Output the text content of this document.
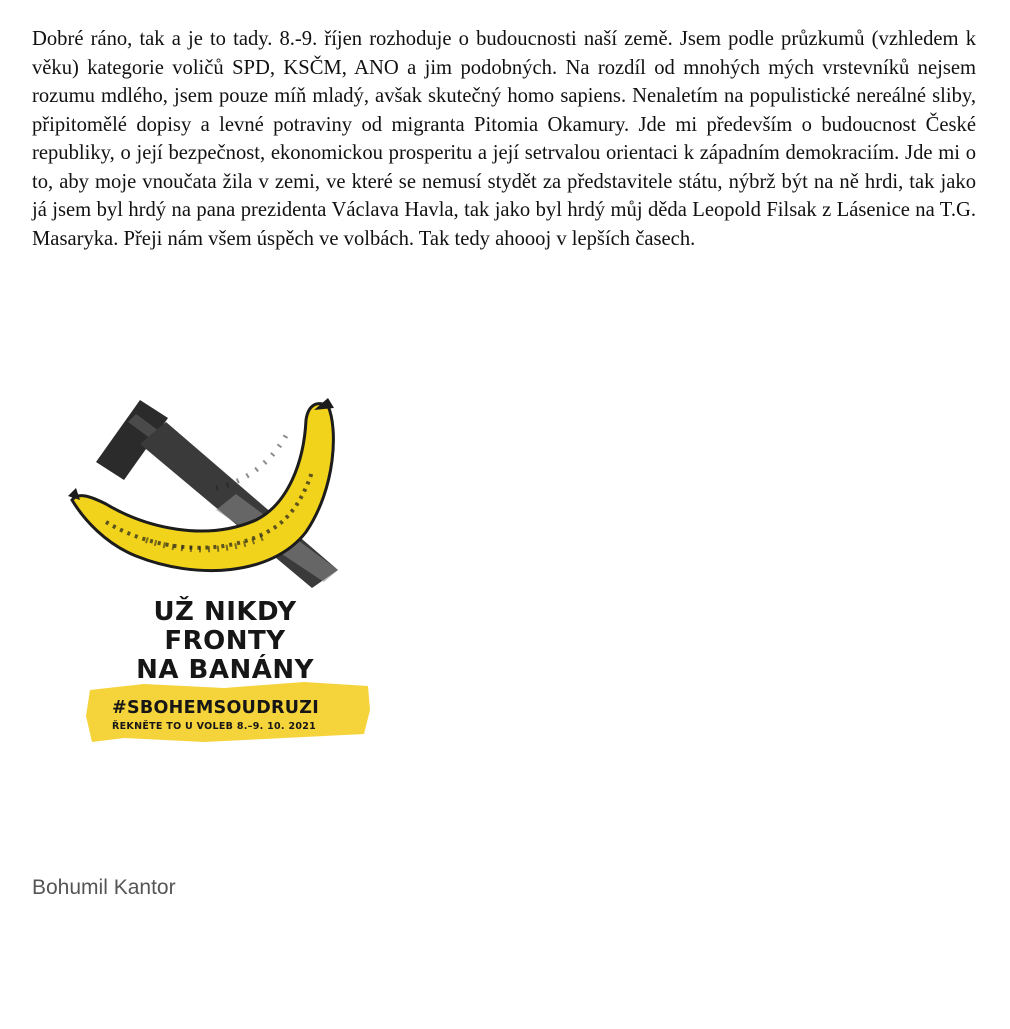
Dobré ráno, tak a je to tady. 8.-9. říjen rozhoduje o budoucnosti naší země. Jsem podle průzkumů (vzhledem k věku) kategorie voličů SPD, KSČM, ANO a jim podobných. Na rozdíl od mnohých mých vrstevníků nejsem rozumu mdlého, jsem pouze míň mladý, avšak skutečný homo sapiens. Nenaletím na populistické nereálné sliby, připitomělé dopisy a levné potraviny od migranta Pitomia Okamury. Jde mi především o budoucnost České republiky, o její bezpečnost, ekonomickou prosperitu a její setrvalou orientaci k západním demokraciím. Jde mi o to, aby moje vnoučata žila v zemi, ve které se nemusí stydět za představitele státu, nýbrž být na ně hrdi, tak jako já jsem byl hrdý na pana prezidenta Václava Havla, tak jako byl hrdý můj děda Leopold Filsak z Lásenice na T.G. Masaryka. Přeji nám všem úspěch ve volbách. Tak tedy ahoooj v lepších časech.

UŽ NIKDY
FRONTY
NA BANÁNY
#SBOHEMSOUDRUZI
ŘEKNĚTE TO U VOLEB 8.–9. 10. 2021

Bohumil Kantor
